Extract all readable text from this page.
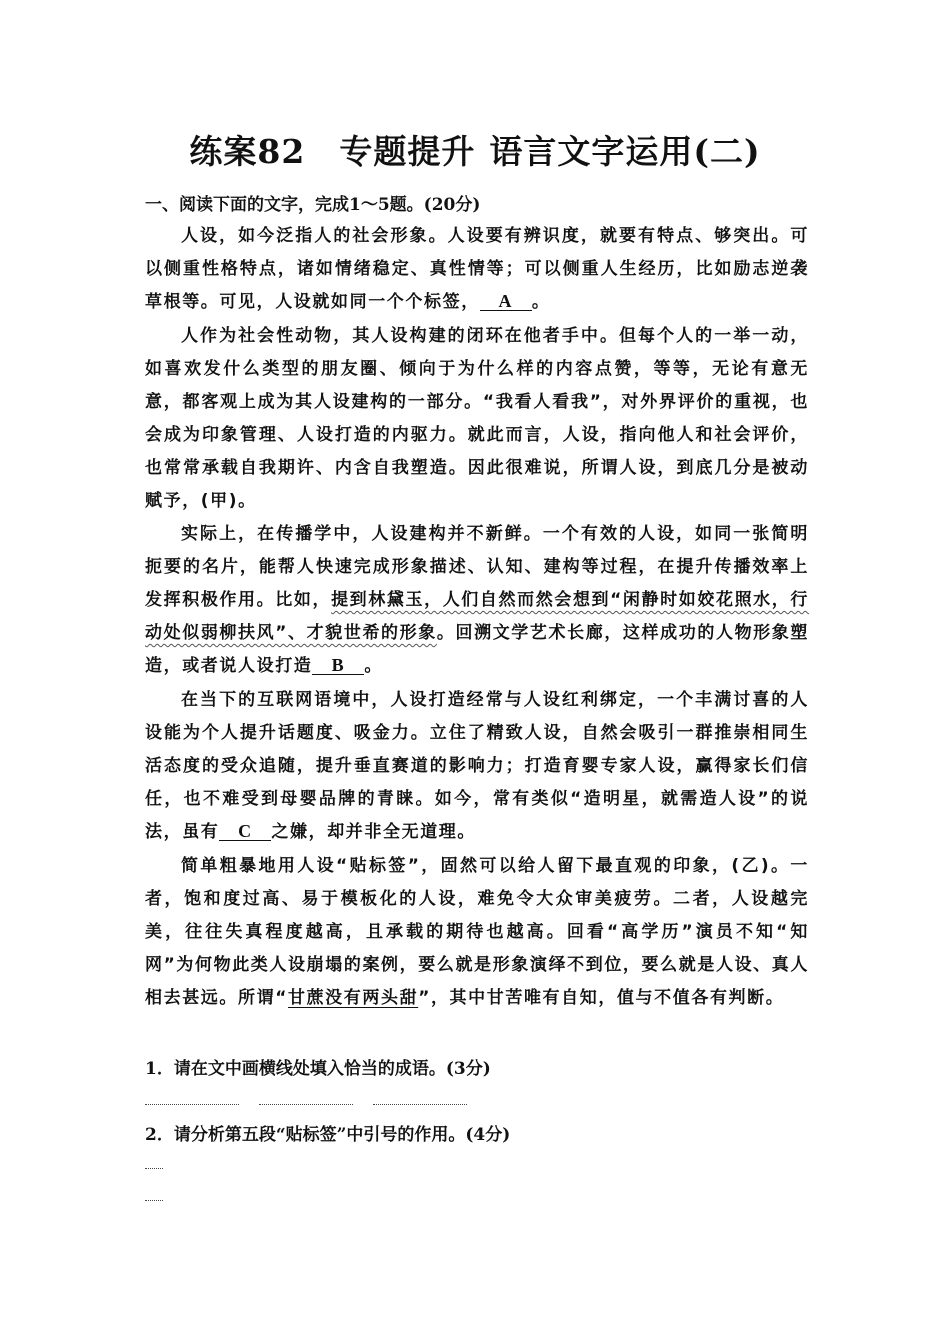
练案82 专题提升 语言文字运用(二)
一、阅读下面的文字，完成1～5题。(20分)

人设，如今泛指人的社会形象。人设要有辨识度，就要有特点、够突出。可以侧重性格特点，诸如情绪稳定、真性情等；可以侧重人生经历，比如励志逆袭草根等。可见，人设就如同一个个标签， A 。

人作为社会性动物，其人设构建的闭环在他者手中。但每个人的一举一动，如喜欢发什么类型的朋友圈、倾向于为什么样的内容点赞，等等，无论有意无意，都客观上成为其人设建构的一部分。“我看人看我”，对外界评价的重视，也会成为印象管理、人设打造的内驱力。就此而言，人设，指向他人和社会评价，也常常承载自我期许、内含自我塑造。因此很难说，所谓人设，到底几分是被动赋予，(甲)。

实际上，在传播学中，人设建构并不新鲜。一个有效的人设，如同一张简明扼要的名片，能帮人快速完成形象描述、认知、建构等过程，在提升传播效率上发挥积极作用。比如，提到林黛玉，人们自然而然会想到“闲静时如姣花照水，行动处似弱柳扶风”、才貌世希的形象。回溯文学艺术长廊，这样成功的人物形象塑造，或者说人设打造 B 。

在当下的互联网语境中，人设打造经常与人设红利绑定，一个丰满讨喜的人设能为个人提升话题度、吸金力。立住了精致人设，自然会吸引一群推崇相同生活态度的受众追随，提升垂直赛道的影响力；打造育婴专家人设，赢得家长们信任，也不难受到母婴品牌的青睐。如今，常有类似“造明星，就需造人设”的说法，虽有 C 之嫌，却并非全无道理。

简单粗暴地用人设“贴标签”，固然可以给人留下最直观的印象，(乙)。一者，饱和度过高、易于模板化的人设，难免令大众审美疲劳。二者，人设越完美，往往失真程度越高，且承载的期待也越高。回看“高学历”演员不知“知网”为何物此类人设崩塌的案例，要么就是形象演绎不到位，要么就是人设、真人相去甚远。所谓“甘蔗没有两头甜”，其中甘苦唯有自知，值与不值各有判断。

1．请在文中画横线处填入恰当的成语。(3分)
2．请分析第五段“贴标签”中引号的作用。(4分)
